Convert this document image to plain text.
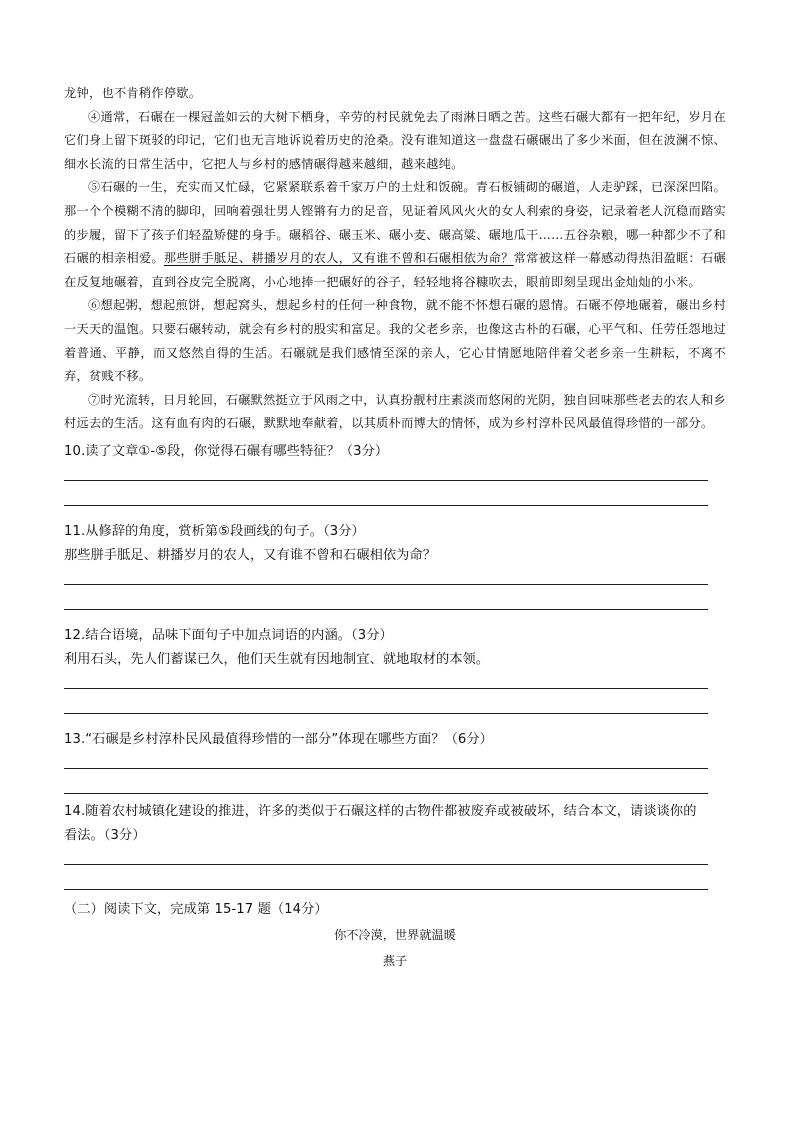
龙钟，也不肯稍作停歇。

④通常，石碾在一棵冠盖如云的大树下栖身，辛劳的村民就免去了雨淋日晒之苦。这些石碾大都有一把年纪，岁月在它们身上留下斑驳的印记，它们也无言地诉说着历史的沧桑。没有谁知道这一盘盘石碾碾出了多少米面，但在波澜不惊、细水长流的日常生活中，它把人与乡村的感情碾得越来越细，越来越纯。

⑤石碾的一生，充实而又忙碌，它紧紧联系着千家万户的土灶和饭碗。青石板铺砌的碾道，人走驴踩，已深深凹陷。那一个个模糊不清的脚印，回响着强壮男人铿锵有力的足音，见证着风风火火的女人利索的身姿，记录着老人沉稳而踏实的步履，留下了孩子们轻盈矫健的身手。碾稻谷、碾玉米、碾小麦、碾高粱、碾地瓜干……五谷杂粮，哪一种都少不了和石碾的相亲相爱。那些胼手胝足、耕播岁月的农人，又有谁不曾和石碾相依为命？常常被这样一幕感动得热泪盈眶：石碾在反复地碾着，直到谷皮完全脱离，小心地捧一把碾好的谷子，轻轻地将谷糠吹去，眼前即刻呈现出金灿灿的小米。

⑥想起粥，想起煎饼，想起窝头，想起乡村的任何一种食物，就不能不怀想石碾的恩情。石碾不停地碾着，碾出乡村一天天的温饱。只要石碾转动，就会有乡村的殷实和富足。我的父老乡亲，也像这古朴的石碾，心平气和、任劳任怨地过着普通、平静，而又悠然自得的生活。石碾就是我们感情至深的亲人，它心甘情愿地陪伴着父老乡亲一生耕耘，不离不弃，贫贱不移。

⑦时光流转，日月轮回，石碾默然挺立于风雨之中，认真扮靓村庄素淡而悠闲的光阴，独自回味那些老去的农人和乡村远去的生活。这有血有肉的石碾，默默地奉献着，以其质朴而博大的情怀，成为乡村淳朴民风最值得珍惜的一部分。

10.读了文章①-⑤段，你觉得石碾有哪些特征？（3分）

11.从修辞的角度，赏析第⑤段画线的句子。（3分）

那些胼手胝足、耕播岁月的农人，又有谁不曾和石碾相依为命？

12.结合语境，品味下面句子中加点词语的内涵。（3分）

利用石头，先人们蓄谋已久，他们天生就有因地制宜、就地取材的本领。

13.“石碾是乡村淳朴民风最值得珍惜的一部分”体现在哪些方面？（6分）

14.随着农村城镇化建设的推进，许多的类似于石碾这样的古物件都被废弃或被破坏，结合本文，请谈谈你的

看法。（3分）

（二）阅读下文，完成第 15-17 题（14分）

你不冷漠，世界就温暖

燕子
